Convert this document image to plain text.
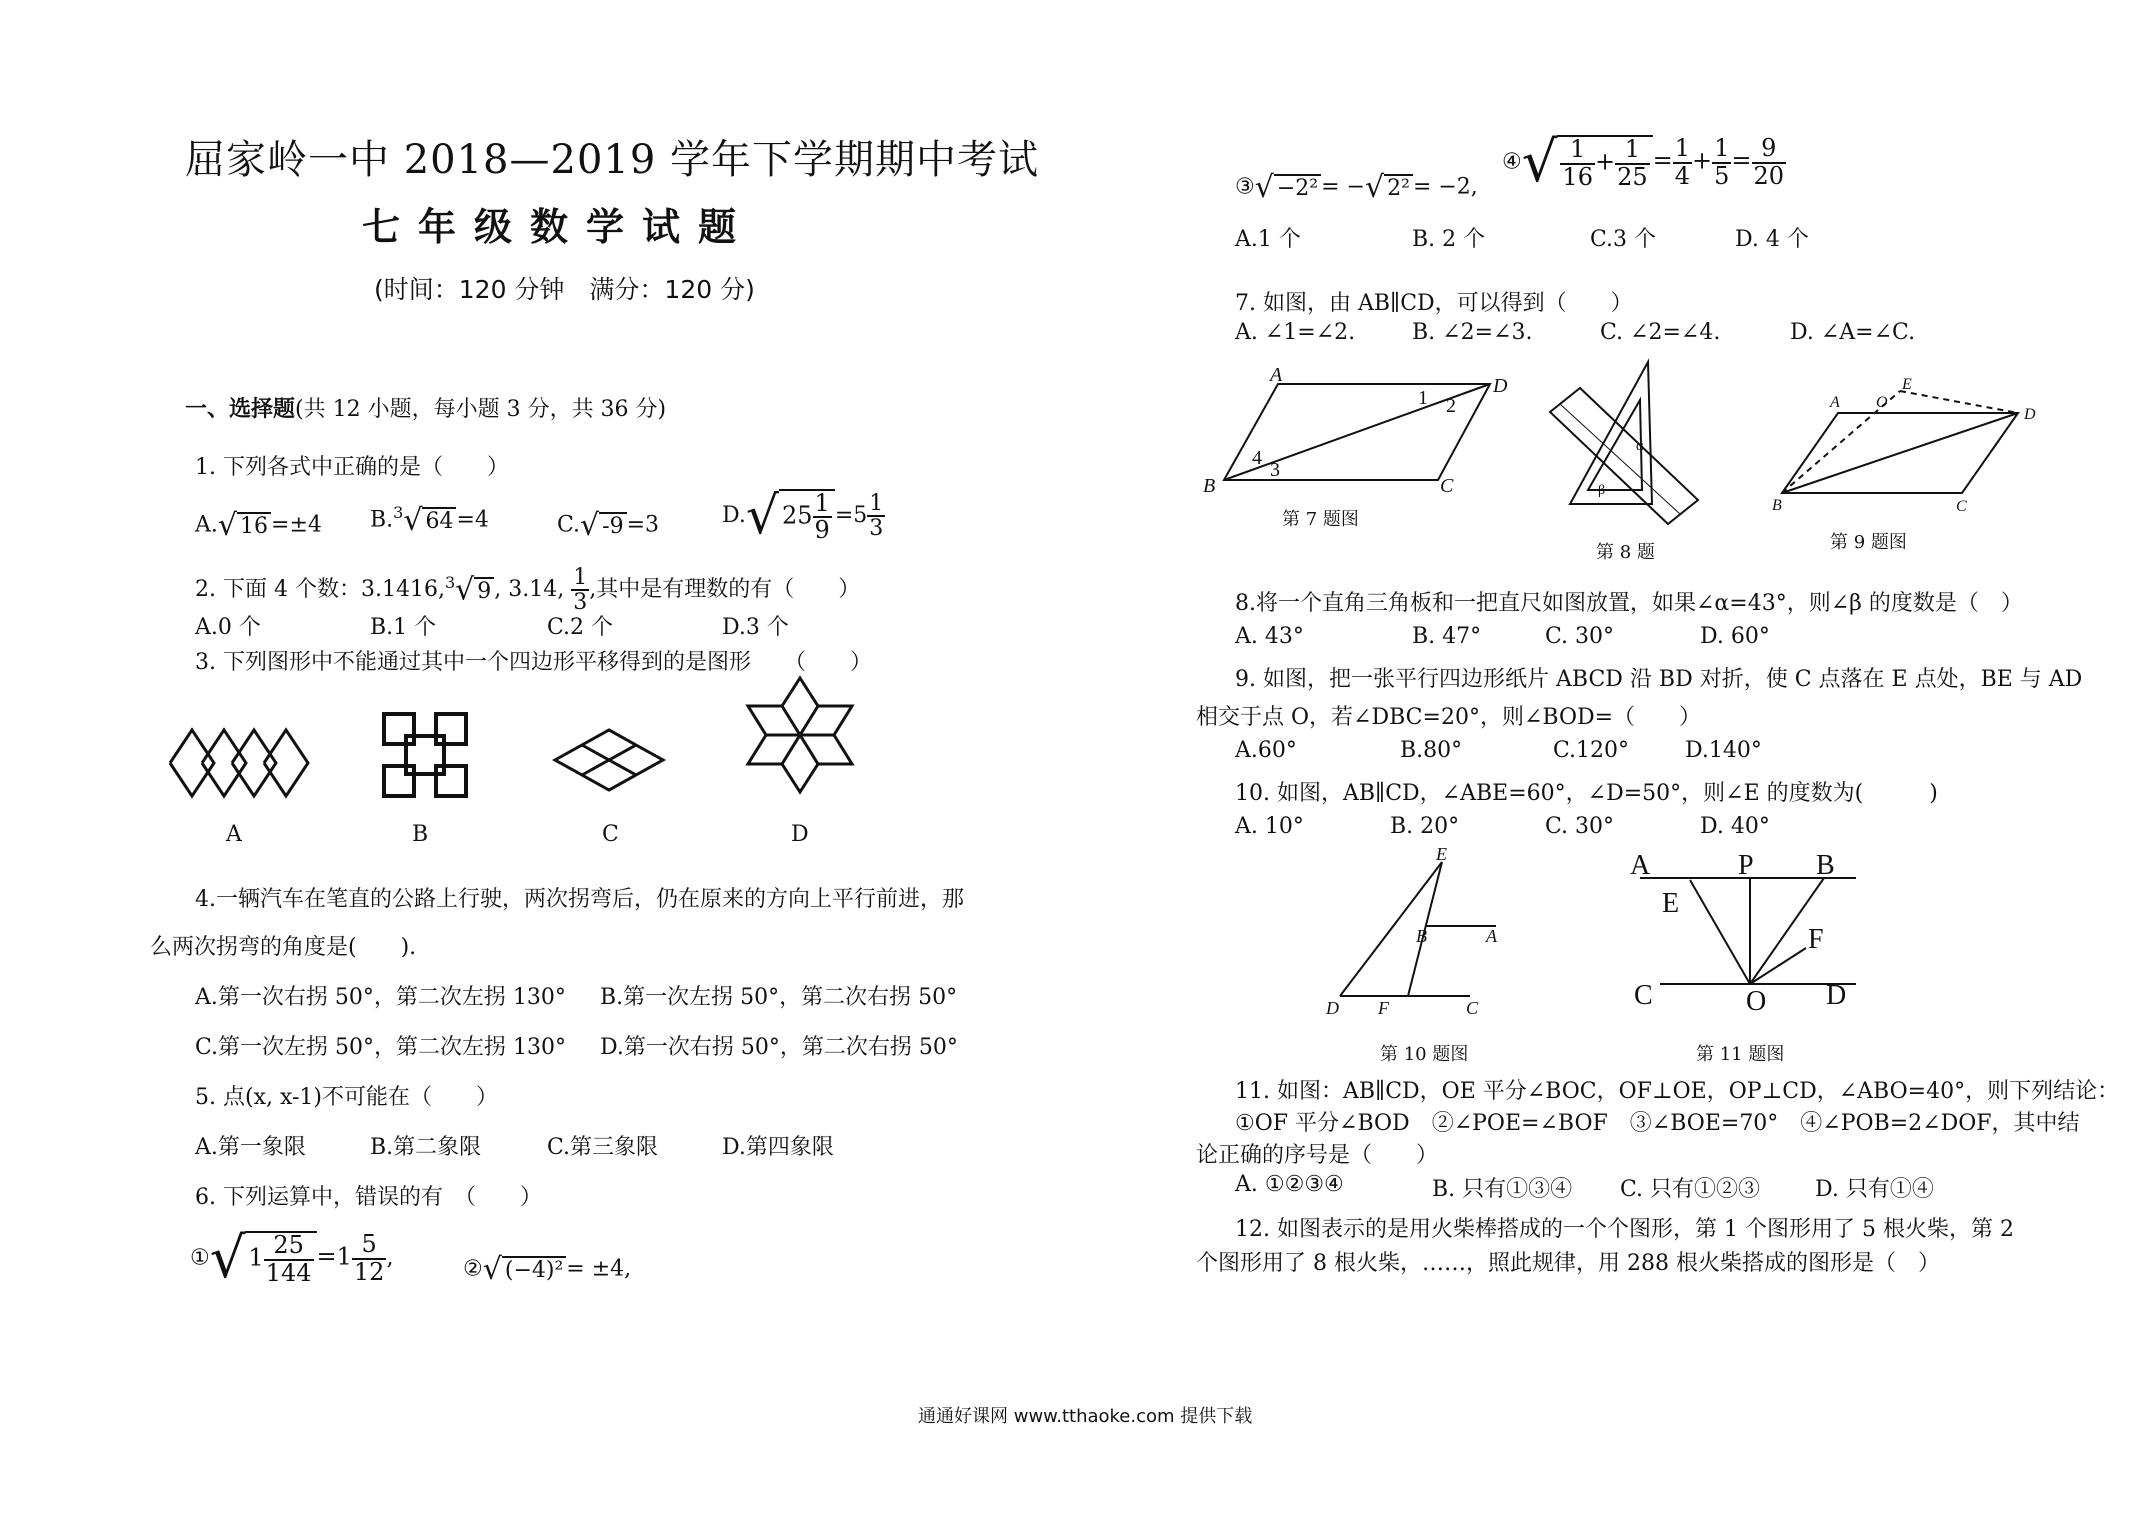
屈家岭一中 2018—2019 学年下学期期中考试
七年级数学试题
(时间：120 分钟　满分：120 分)
一、选择题(共 12 小题，每小题 3 分，共 36 分)
1. 下列各式中正确的是（　　）
A.√ 16 =±4 B.$^3$√ 64 =4	C.√ -9 =3	D.√ $25 \frac{1}{9} =5 \frac{1}{3}$
2. 下面 4 个数：3.1416,$^3$√ 9 , 3.14, $\frac{1}{3}$ ,其中是有理数的有（　　）
A.0 个	B.1 个	C.2 个	D.3 个
3. 下列图形中不能通过其中一个四边形平移得到的是图形　　（　　）
A	B	C	D
4.一辆汽车在笔直的公路上行驶，两次拐弯后，仍在原来的方向上平行前进，那
么两次拐弯的角度是(　　).
A.第一次右拐 50°，第二次左拐 130° B.第一次左拐 50°，第二次右拐 50°
C.第一次左拐 50°，第二次左拐 130° D.第一次右拐 50°，第二次右拐 50°
5. 点(x, x-1)不可能在（　　）
A.第一象限	B.第二象限	C.第三象限	D.第四象限
6. 下列运算中，错误的有　（　　）
①√ $1 \frac{25}{144} =1 \frac{5}{12}$ ,	②√ (−4)² = ±4,
③√ −2² = −√ 2² = −2,
④√ $\frac{1}{16} + \frac{1}{25} = \frac{1}{4} + \frac{1}{5} = \frac{9}{20}$
A.1 个	B. 2 个	C.3 个	D. 4 个
7. 如图，由 AB∥CD，可以得到（　　）
A. ∠1=∠2.	B. ∠2=∠3.	C. ∠2=∠4.	D. ∠A=∠C.
A	D
B	C
1 2
3
4
第 7 题图
α
β
第 8 题
A O
E
D
B	C
第 9 题图
8.将一个直角三角板和一把直尺如图放置，如果∠α=43°，则∠β 的度数是（　）
A. 43°	B. 47°	C. 30°	D. 60°
9. 如图，把一张平行四边形纸片 ABCD 沿 BD 对折，使 C 点落在 E 点处，BE 与 AD
相交于点 O，若∠DBC=20°，则∠BOD=（　　）
A.60°	B.80°	C.120°	D.140°
10. 如图，AB∥CD，∠ABE=60°，∠D=50°，则∠E 的度数为(　　　)
A. 10°	B. 20°	C. 30°	D. 40°
E
B	A
D F	C
第 10 题图
A	P B
E
F
C	O D
第 11 题图
11. 如图：AB∥CD，OE 平分∠BOC，OF⊥OE，OP⊥CD，∠ABO=40°，则下列结论：
①OF 平分∠BOD　②∠POE=∠BOF　③∠BOE=70°　④∠POB=2∠DOF，其中结
论正确的序号是（　　）
A. ①②③④	B. 只有①③④ C. 只有①②③ D. 只有①④
12. 如图表示的是用火柴棒搭成的一个个图形，第 1 个图形用了 5 根火柴，第 2
个图形用了 8 根火柴，……，照此规律，用 288 根火柴搭成的图形是（　）
通通好课网 www.tthaoke.com 提供下载
